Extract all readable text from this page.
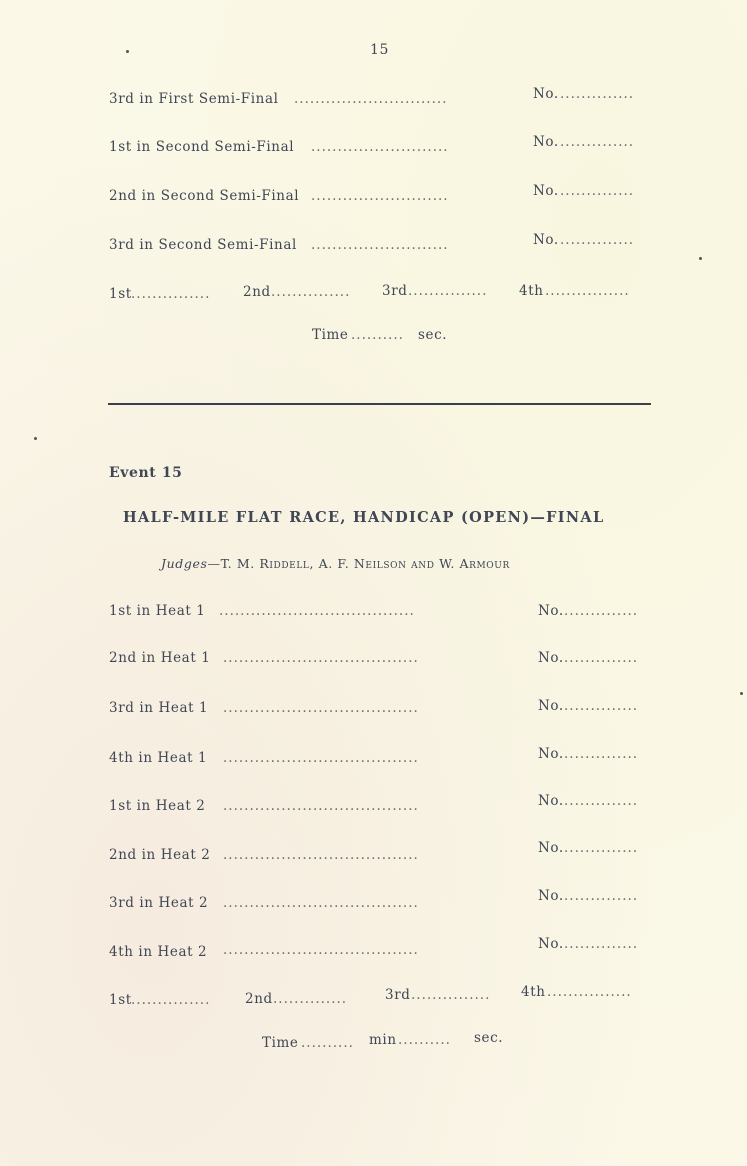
15
3rd in First Semi-Final .............................	No. ..............
1st in Second Semi-Final ..........................	No. ..............
2nd in Second Semi-Final ..........................	No. ..............
3rd in Second Semi-Final ..........................	No. ..............
1st ............... 2nd ............... 3rd ............... 4th ................
Time .......... sec.
Event 15
HALF-MILE FLAT RACE, HANDICAP (OPEN)—FINAL
Judges—T. M. Riddell, A. F. Neilson and W. Armour
1st in Heat 1 .....................................	No. ..............
2nd in Heat 1 .....................................	No. ..............
3rd in Heat 1 .....................................	No. ..............
4th in Heat 1 .....................................	No. ..............
1st in Heat 2 .....................................	No. ..............
2nd in Heat 2 .....................................	No. ..............
3rd in Heat 2 .....................................	No. ..............
4th in Heat 2 .....................................	No. ..............
1st ...............	2nd ..............	3rd ............... 4th ................
Time .......... min .......... sec.
